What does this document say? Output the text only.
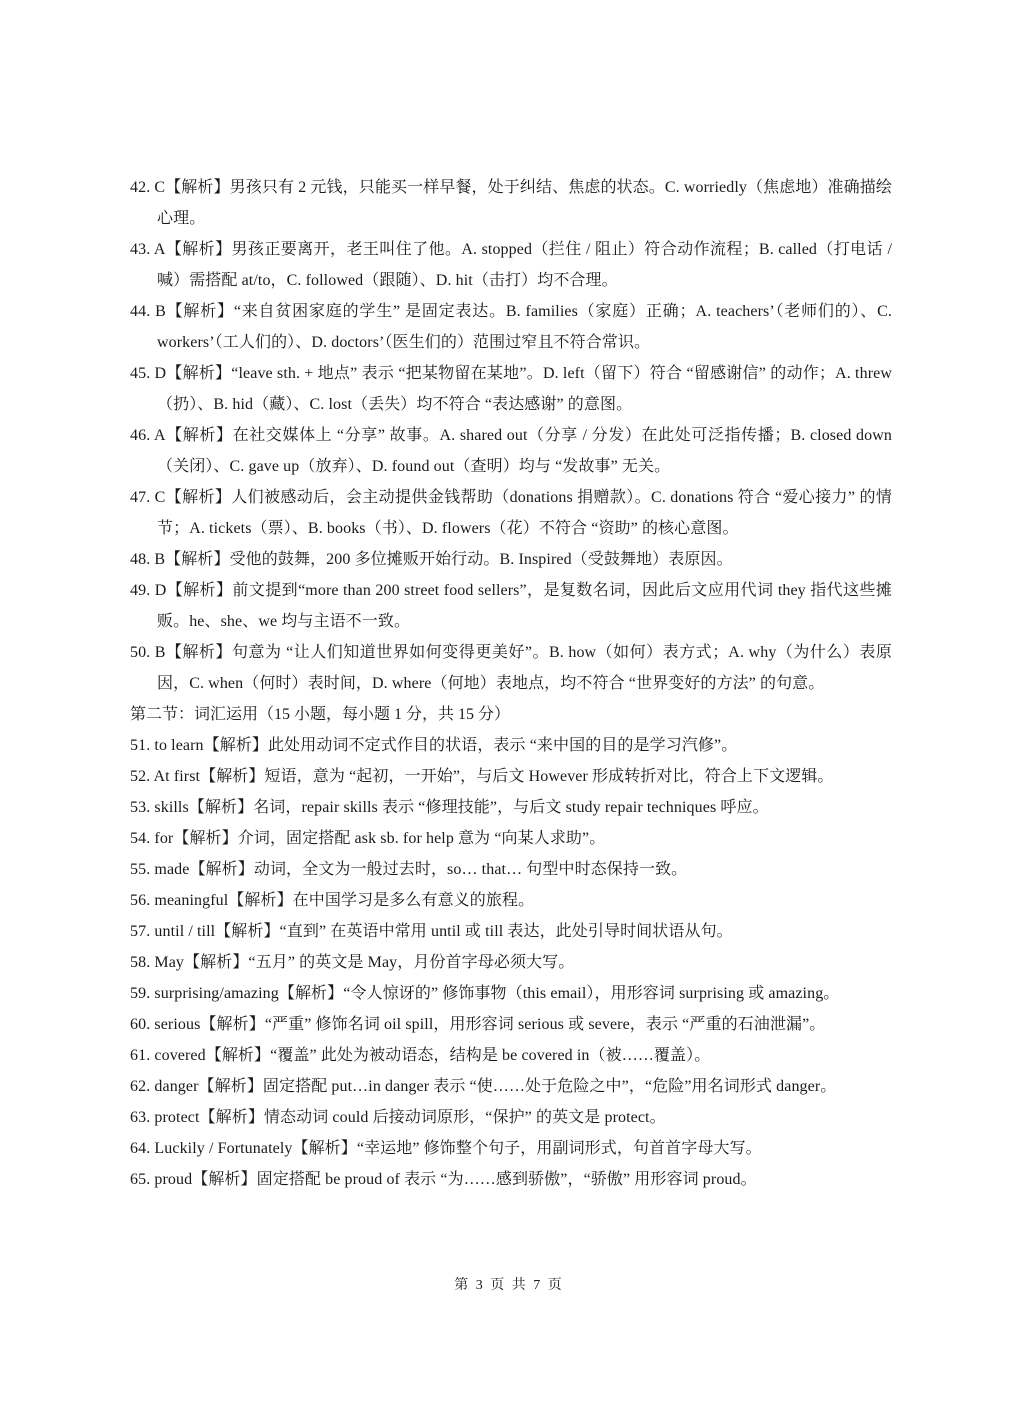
42. C【解析】男孩只有 2 元钱，只能买一样早餐，处于纠结、焦虑的状态。C. worriedly（焦虑地）准确描绘心理。
43. A【解析】男孩正要离开，老王叫住了他。A. stopped（拦住 / 阻止）符合动作流程；B. called（打电话 / 喊）需搭配 at/to，C. followed（跟随）、D. hit（击打）均不合理。
44. B【解析】“来自贫困家庭的学生” 是固定表达。B. families（家庭）正确；A. teachers’（老师们的）、C. workers’（工人们的）、D. doctors’（医生们的）范围过窄且不符合常识。
45. D【解析】“leave sth. + 地点” 表示 “把某物留在某地”。D. left（留下）符合 “留感谢信” 的动作；A. threw（扔）、B. hid（藏）、C. lost（丢失）均不符合 “表达感谢” 的意图。
46. A【解析】在社交媒体上 “分享” 故事。A. shared out（分享 / 分发）在此处可泛指传播；B. closed down（关闭）、C. gave up（放弃）、D. found out（查明）均与 “发故事” 无关。
47. C【解析】人们被感动后，会主动提供金钱帮助（donations 捐赠款）。C. donations 符合 “爱心接力” 的情节；A. tickets（票）、B. books（书）、D. flowers（花）不符合 “资助” 的核心意图。
48. B【解析】受他的鼓舞，200 多位摊贩开始行动。B. Inspired（受鼓舞地）表原因。
49. D【解析】前文提到“more than 200 street food sellers”，是复数名词，因此后文应用代词 they 指代这些摊贩。he、she、we 均与主语不一致。
50. B【解析】句意为 “让人们知道世界如何变得更美好”。B. how（如何）表方式；A. why（为什么）表原因，C. when（何时）表时间，D. where（何地）表地点，均不符合 “世界变好的方法” 的句意。
第二节：词汇运用（15 小题，每小题 1 分，共 15 分）
51. to learn【解析】此处用动词不定式作目的状语，表示 “来中国的目的是学习汽修”。
52. At first【解析】短语，意为 “起初，一开始”，与后文 However 形成转折对比，符合上下文逻辑。
53. skills【解析】名词，repair skills 表示 “修理技能”，与后文 study repair techniques 呼应。
54. for【解析】介词，固定搭配 ask sb. for help 意为 “向某人求助”。
55. made【解析】动词，全文为一般过去时，so… that… 句型中时态保持一致。
56. meaningful【解析】在中国学习是多么有意义的旅程。
57. until / till【解析】“直到” 在英语中常用 until 或 till 表达，此处引导时间状语从句。
58. May【解析】“五月” 的英文是 May，月份首字母必须大写。
59. surprising/amazing【解析】“令人惊讶的” 修饰事物（this email），用形容词 surprising 或 amazing。
60. serious【解析】“严重” 修饰名词 oil spill，用形容词 serious 或 severe，表示 “严重的石油泄漏”。
61. covered【解析】“覆盖” 此处为被动语态，结构是 be covered in（被……覆盖）。
62. danger【解析】固定搭配 put…in danger 表示 “使……处于危险之中”，“危险”用名词形式 danger。
63. protect【解析】情态动词 could 后接动词原形，“保护” 的英文是 protect。
64. Luckily / Fortunately【解析】“幸运地” 修饰整个句子，用副词形式，句首首字母大写。
65. proud【解析】固定搭配 be proud of 表示 “为……感到骄傲”，“骄傲” 用形容词 proud。
第 3 页 共 7 页
